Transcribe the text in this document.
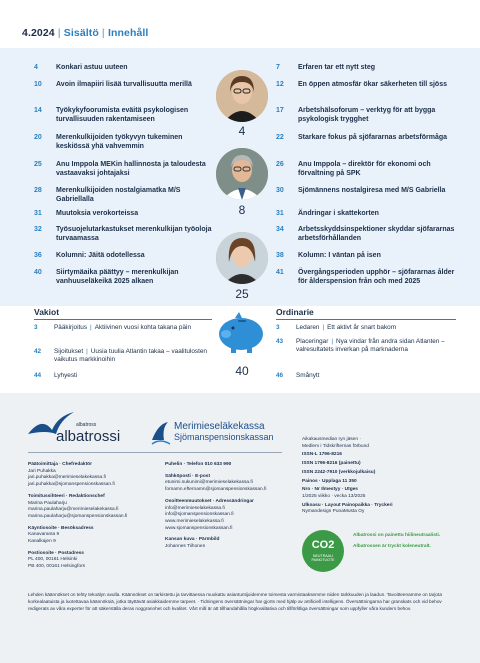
4.2024 | Sisältö | Innehåll
4	Konkari astuu uuteen
10	Avoin ilmapiiri lisää turvallisuutta merillä
14	Työkykyfoorumista eväitä psykologisen turvallisuuden rakentamiseen
20	Merenkulkijoiden työkyvyn tukeminen keskiössä yhä vahvemmin
25	Anu Imppola MEKin hallinnosta ja taloudesta vastaavaksi johtajaksi
28	Merenkulkijoiden nostalgiamatka M/S Gabriellalla
31	Muutoksia verokorteissa
32	Työsuojelutarkastukset merenkulkijan työoloja turvaamassa
36	Kolumni: Jäitä odotellessa
40	Siirtymäaika päättyy – merenkulkijan vanhuuseläkeikä 2025 alkaen
7	Erfaren tar ett nytt steg
12	En öppen atmosfär ökar säkerheten till sjöss
17	Arbetshälsoforum – verktyg för att bygga psykologisk trygghet
22	Starkare fokus på sjöfararnas arbetsförmåga
26	Anu Imppola – direktör för ekonomi och förvaltning på SPK
30	Sjömännens nostalgiresa med M/S Gabriella
31	Ändringar i skattekorten
34	Arbetsskyddsinspektioner skyddar sjöfararnas arbetsförhållanden
38	Kolumn: I väntan på isen
41	Övergångsperioden upphör – sjöfararnas ålder för ålderspension från och med 2025
4
8
25
40
Vakiot	Ordinarie
3	Pääkirjoitus | Aktiivinen vuosi kohta takana päin
42	Sijoitukset | Uusia tuulia Atlantin takaa – vaalitulosten vaikutus markkinoihin
44	Lyhyesti
3	Ledaren | Ett aktivt år snart bakom
43	Placeringar | Nya vindar från andra sidan Atlanten – valresultatets inverkan på marknaderna
46	Smånytt
albatross
albatrossi
Merimieseläkekassa
Sjömanspensionskassan

Päätoimittaja · Chefredaktör

Jari Puhakka

jari.puhakka@merimieselakekassa.fi

jari.puhakka@sjomanspensionskassan.fi

Toimitussihteeri · Redaktionschef

Marina Paulaharju

marina.paulaharju@merimieselakekassa.fi

marina.paulaharju@sjomanspensionskassan.fi

Käyntiosoite · Besöksadress

Kanavaranta 9

Kanalkajen 9

Postiosoite · Postadress

PL 400, 00161 Helsinki

PB 400, 00161 Helsingfors

Puhelin · Telefon 010 633 990

Sähköposti · E-post

etunimi.sukunimi@merimieselakekassa.fi

fornamn.efternamn@sjomanspensionskassan.fi

Osoitteenmuutokset · Adressändringar

info@merimieselakekassa.fi

info@sjomanspensionskassan.fi

www.merimieselakekassa.fi

www.sjomanspensionskassan.fi

Kansan kuva · Pärmbild

Johannes Tiihonen

Aikakausmedian ryn jäsen ·

Medlem i Tidskrifternas förbund

ISSN-L 1796-8216

ISSN 1796-8216 (painettu)

ISSN 2242-7910 (verkkojulkaisu)

Painos · Upplaga 11 350

Nro · Nr Ilmestyy · Utges

1/2025 viikko · vecka 13/2025

Ulkoasu · Layout Painopaikka · Tryckeri

Nymandesign PunaMusta Oy

CO2
NEUTRAALI PAINOTUOTE

Albatrossi on painettu hiilineutraalisti.

Albatrossen är tryckt koleneutralt.

Lehden käännökset on tehty tekoälyn avulla. Käännökset on tarkistettu ja tarvittaessa muokattu asiantuntijoidemme toimesta varmistaaksemme niiden tarkkuuden ja laadun. Tavoitteenamme on tarjota korkealaatuista ja luotettavaa käännöksiä, jotka täyttävät asiakkaidemme tarpeet. · Tidningens översättningar har gjorts med hjälp av artificiell intelligens. Översättningarna har granskats och vid behov redigerats av våra experter för att säkerställa deras noggrannhet och kvalitet. Vårt mål är att tillhandahålla högkvalitativa och tillförlitliga översättningar som uppfyller våra kunders behov.
